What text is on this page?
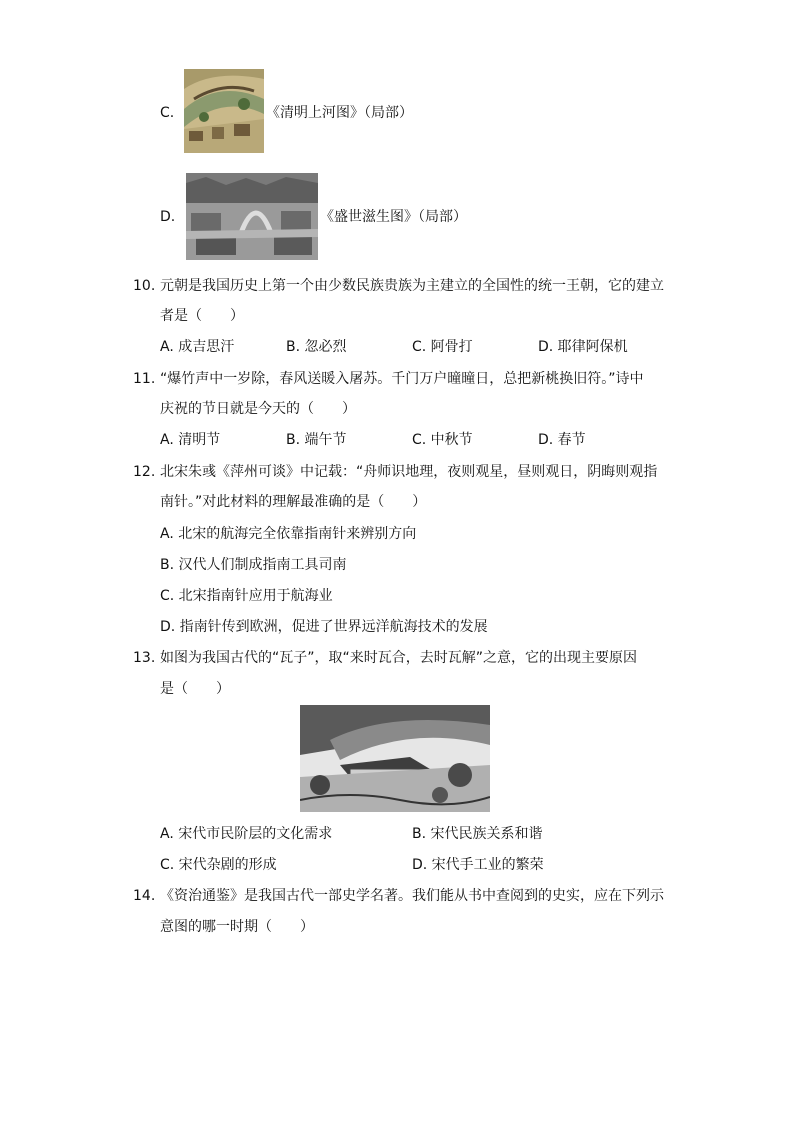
C.	《清明上河图》（局部）
D.	《盛世滋生图》（局部）
10. 元朝是我国历史上第一个由少数民族贵族为主建立的全国性的统一王朝，它的建立
者是（　　）
A. 成吉思汗	B. 忽必烈	C. 阿骨打	D. 耶律阿保机
11. “爆竹声中一岁除，春风送暖入屠苏。千门万户曈曈日，总把新桃换旧符。”诗中
庆祝的节日就是今天的（　　）
A. 清明节	B. 端午节	C. 中秋节	D. 春节
12. 北宋朱彧《萍州可谈》中记载：“舟师识地理，夜则观星，昼则观日，阴晦则观指
南针。”对此材料的理解最准确的是（　　）
A. 北宋的航海完全依靠指南针来辨别方向
B. 汉代人们制成指南工具司南
C. 北宋指南针应用于航海业
D. 指南针传到欧洲，促进了世界远洋航海技术的发展
13. 如图为我国古代的“瓦子”，取“来时瓦合，去时瓦解”之意，它的出现主要原因
是（　　）
A. 宋代市民阶层的文化需求	B. 宋代民族关系和谐
C. 宋代杂剧的形成	D. 宋代手工业的繁荣
14. 《资治通鉴》是我国古代一部史学名著。我们能从书中查阅到的史实，应在下列示
意图的哪一时期（　　）
